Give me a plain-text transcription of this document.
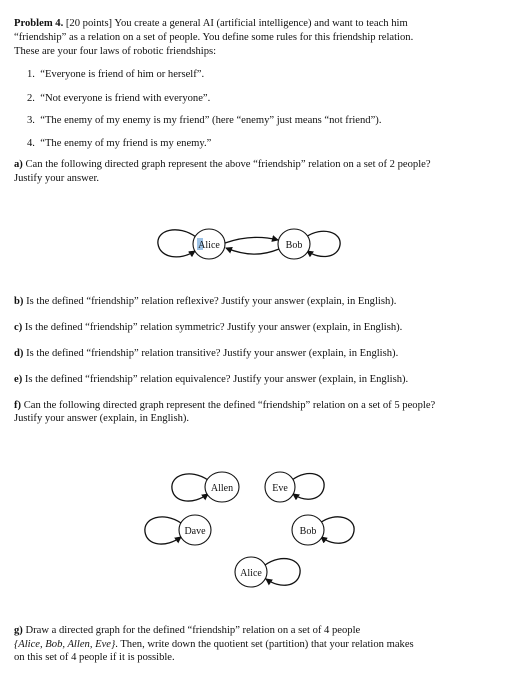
Problem 4. [20 points] You create a general AI (artificial intelligence) and want to teach him
“friendship” as a relation on a set of people. You define some rules for this friendship relation.
These are your four laws of robotic friendships:
1. “Everyone is friend of him or herself”.
2. “Not everyone is friend with everyone”.
3. “The enemy of my enemy is my friend” (here “enemy” just means “not friend”).
4. “The enemy of my friend is my enemy.”
a) Can the following directed graph represent the above “friendship” relation on a set of 2 people?
Justify your answer.
Alice	Bob
Allen	Eve
Dave	Bob
Alice
b) Is the defined “friendship” relation reflexive? Justify your answer (explain, in English).
c) Is the defined “friendship” relation symmetric? Justify your answer (explain, in English).
d) Is the defined “friendship” relation transitive? Justify your answer (explain, in English).
e) Is the defined “friendship” relation equivalence? Justify your answer (explain, in English).
f) Can the following directed graph represent the defined “friendship” relation on a set of 5 people?
Justify your answer (explain, in English).
g) Draw a directed graph for the defined “friendship” relation on a set of 4 people
{Alice, Bob, Allen, Eve}. Then, write down the quotient set (partition) that your relation makes
on this set of 4 people if it is possible.
